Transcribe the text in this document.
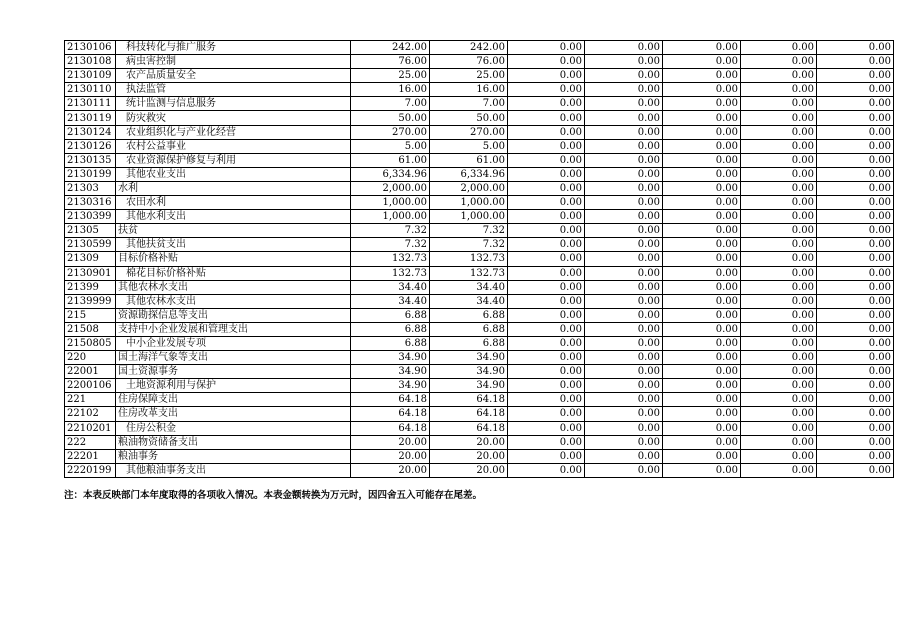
2130106	科技转化与推广服务	242.00	242.00	0.00	0.00	0.00	0.00	0.00
2130108	病虫害控制	76.00	76.00	0.00	0.00	0.00	0.00	0.00
2130109	农产品质量安全	25.00	25.00	0.00	0.00	0.00	0.00	0.00
2130110	执法监管	16.00	16.00	0.00	0.00	0.00	0.00	0.00
2130111	统计监测与信息服务	7.00	7.00	0.00	0.00	0.00	0.00	0.00
2130119	防灾救灾	50.00	50.00	0.00	0.00	0.00	0.00	0.00
2130124	农业组织化与产业化经营	270.00	270.00	0.00	0.00	0.00	0.00	0.00
2130126	农村公益事业	5.00	5.00	0.00	0.00	0.00	0.00	0.00
2130135	农业资源保护修复与利用	61.00	61.00	0.00	0.00	0.00	0.00	0.00
2130199	其他农业支出	6,334.96	6,334.96	0.00	0.00	0.00	0.00	0.00
21303	水利	2,000.00	2,000.00	0.00	0.00	0.00	0.00	0.00
2130316	农田水利	1,000.00	1,000.00	0.00	0.00	0.00	0.00	0.00
2130399	其他水利支出	1,000.00	1,000.00	0.00	0.00	0.00	0.00	0.00
21305	扶贫	7.32	7.32	0.00	0.00	0.00	0.00	0.00
2130599	其他扶贫支出	7.32	7.32	0.00	0.00	0.00	0.00	0.00
21309	目标价格补贴	132.73	132.73	0.00	0.00	0.00	0.00	0.00
2130901	棉花目标价格补贴	132.73	132.73	0.00	0.00	0.00	0.00	0.00
21399	其他农林水支出	34.40	34.40	0.00	0.00	0.00	0.00	0.00
2139999	其他农林水支出	34.40	34.40	0.00	0.00	0.00	0.00	0.00
215	资源勘探信息等支出	6.88	6.88	0.00	0.00	0.00	0.00	0.00
21508	支持中小企业发展和管理支出	6.88	6.88	0.00	0.00	0.00	0.00	0.00
2150805	中小企业发展专项	6.88	6.88	0.00	0.00	0.00	0.00	0.00
220	国土海洋气象等支出	34.90	34.90	0.00	0.00	0.00	0.00	0.00
22001	国土资源事务	34.90	34.90	0.00	0.00	0.00	0.00	0.00
2200106	土地资源利用与保护	34.90	34.90	0.00	0.00	0.00	0.00	0.00
221	住房保障支出	64.18	64.18	0.00	0.00	0.00	0.00	0.00
22102	住房改革支出	64.18	64.18	0.00	0.00	0.00	0.00	0.00
2210201	住房公积金	64.18	64.18	0.00	0.00	0.00	0.00	0.00
222	粮油物资储备支出	20.00	20.00	0.00	0.00	0.00	0.00	0.00
22201	粮油事务	20.00	20.00	0.00	0.00	0.00	0.00	0.00
2220199	其他粮油事务支出	20.00	20.00	0.00	0.00	0.00	0.00	0.00
注：本表反映部门本年度取得的各项收入情况。本表金额转换为万元时，因四舍五入可能存在尾差。
